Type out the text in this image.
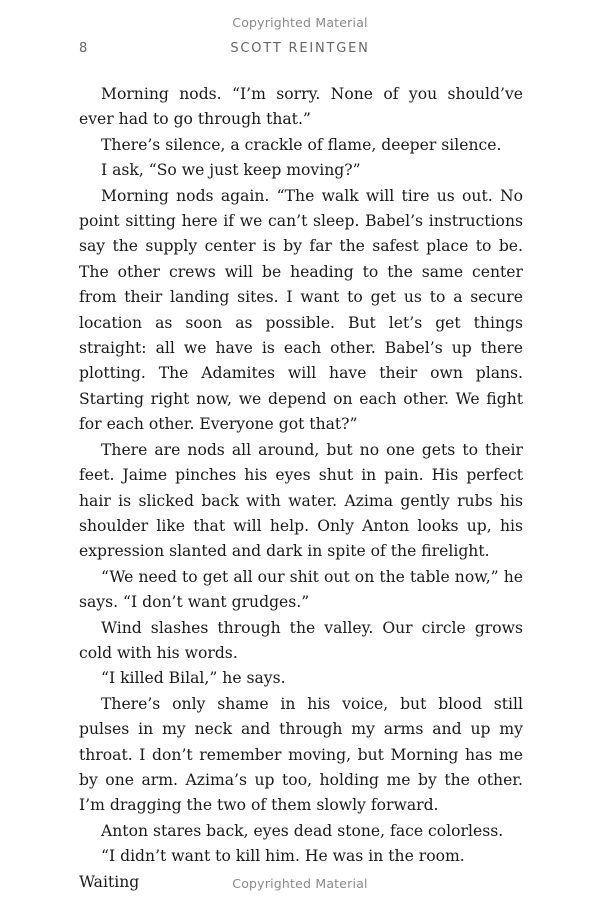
Copyrighted Material
8	SCOTT REINTGEN

Morning nods. “I’m sorry. None of you should’ve ever had to go through that.”

There’s silence, a crackle of flame, deeper silence.

I ask, “So we just keep moving?”

Morning nods again. “The walk will tire us out. No point sitting here if we can’t sleep. Babel’s instructions say the supply center is by far the safest place to be. The other crews will be heading to the same center from their landing sites. I want to get us to a secure location as soon as possible. But let’s get things straight: all we have is each other. Babel’s up there plotting. The Adamites will have their own plans. Starting right now, we depend on each other. We fight for each other. Everyone got that?”

There are nods all around, but no one gets to their feet. Jaime pinches his eyes shut in pain. His perfect hair is slicked back with water. Azima gently rubs his shoulder like that will help. Only Anton looks up, his expression slanted and dark in spite of the firelight.

“We need to get all our shit out on the table now,” he says. “I don’t want grudges.”

Wind slashes through the valley. Our circle grows cold with his words.

“I killed Bilal,” he says.

There’s only shame in his voice, but blood still pulses in my neck and through my arms and up my throat. I don’t remember moving, but Morning has me by one arm. Azima’s up too, holding me by the other. I’m dragging the two of them slowly forward.

Anton stares back, eyes dead stone, face colorless.

“I didn’t want to kill him. He was in the room. Waiting	Copyrighted Material
